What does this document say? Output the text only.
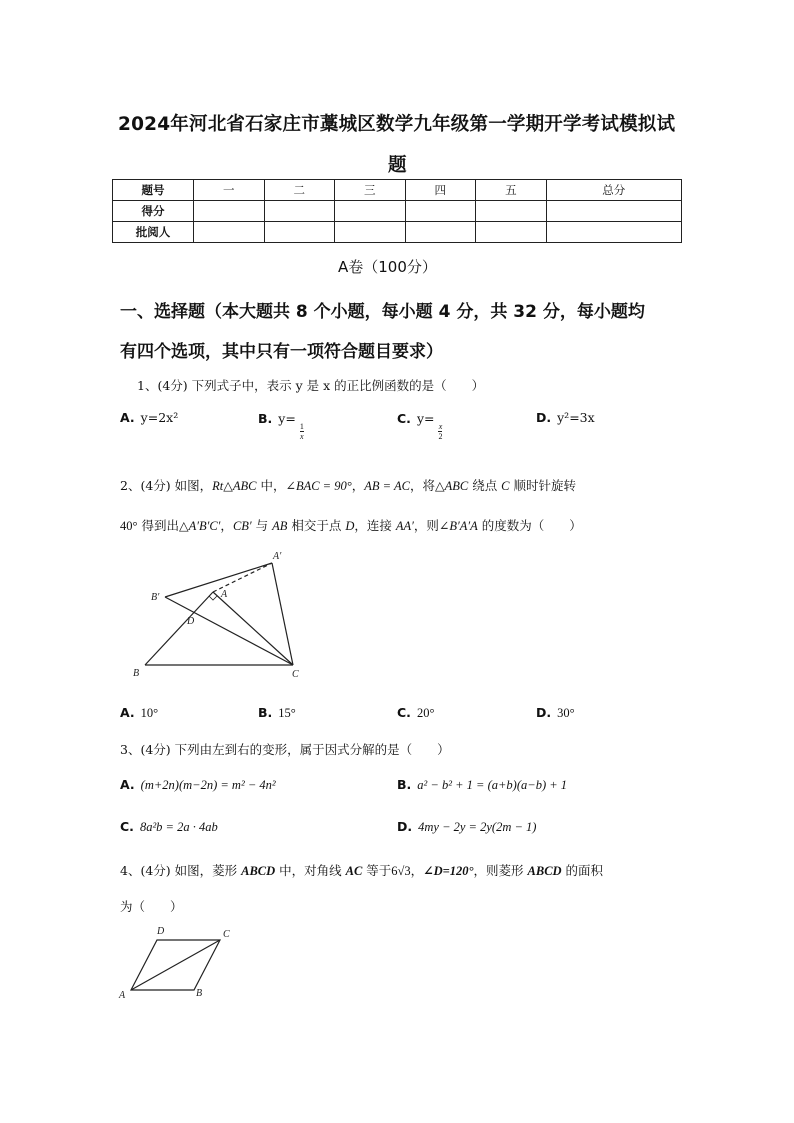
2024年河北省石家庄市藁城区数学九年级第一学期开学考试模拟试
题
题号	一	二	三	四	五	总分
得分						
批阅人						
A卷（100分）
一、选择题（本大题共 8 个小题，每小题 4 分，共 32 分，每小题均
有四个选项，其中只有一项符合题目要求）
1、(4分) 下列式子中，表示 y 是 x 的正比例函数的是（　　）
A. y=2x²	B. $y= \frac{1}{x}$
C. $y= \frac{x}{2}$
D. y²=3x
2、(4分) 如图，Rt△ABC 中，∠BAC = 90°，AB = AC，将△ABC 绕点 C 顺时针旋转
40° 得到出△A′B′C′，CB′ 与 AB 相交于点 D，连接 AA′，则∠B′A′A 的度数为（　　）
A′
B′	A
D
B	C
A. 10°	B. 15°	C. 20°	D. 30°
3、(4分) 下列由左到右的变形，属于因式分解的是（　　）
A. (m+2n)(m−2n) = m² − 4n²	B. a² − b² + 1 = (a+b)(a−b) + 1
C. 8a²b = 2a · 4ab	D. 4my − 2y = 2y(2m − 1)
4、(4分) 如图，菱形 ABCD 中，对角线 AC 等于6√3，∠D=120°，则菱形 ABCD 的面积
为（　　）
D	C
A	B
